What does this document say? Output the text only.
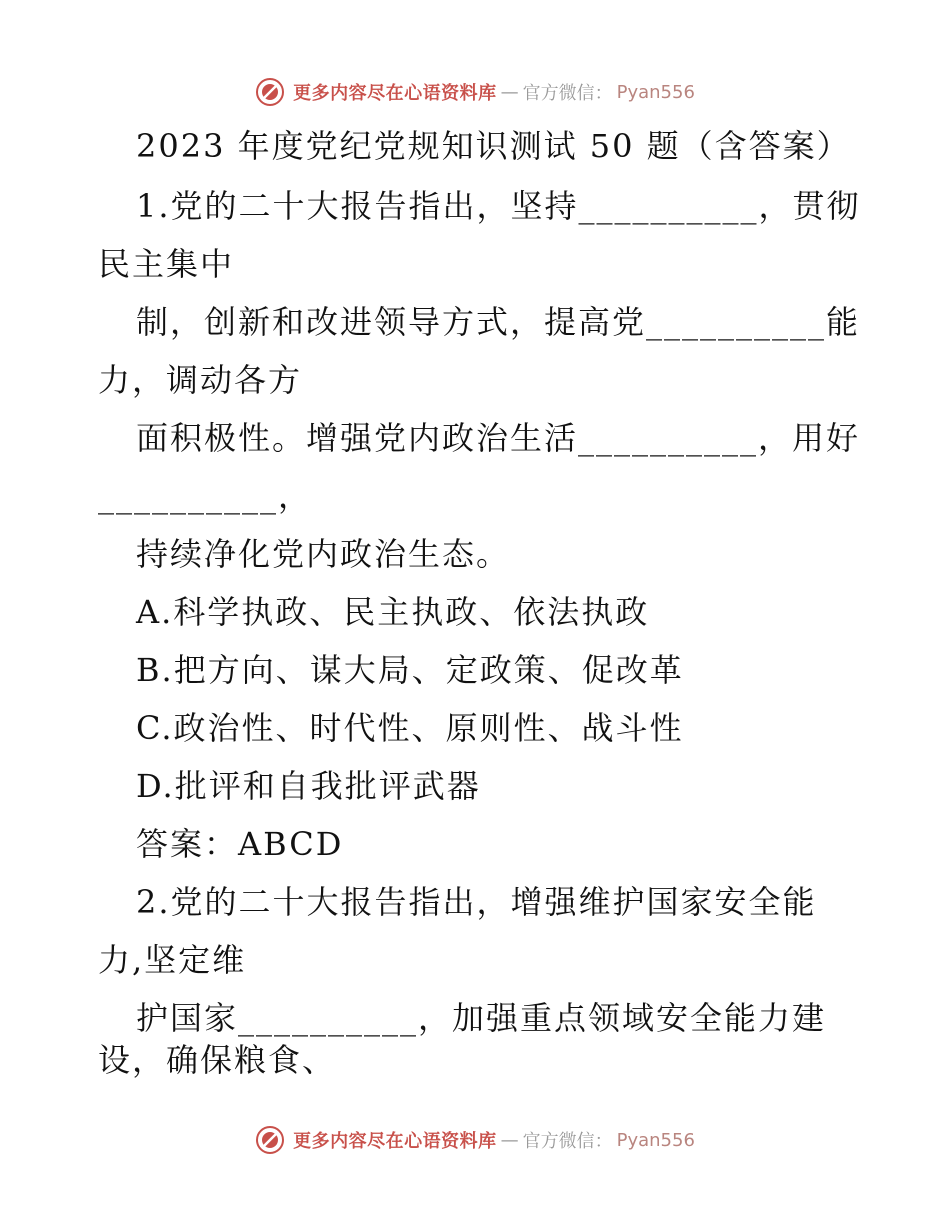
更多内容尽在心语资料库 — 官方微信： Pyan556
2023 年度党纪党规知识测试 50 题（含答案）
1.党的二十大报告指出，坚持__________，贯彻
民主集中
制，创新和改进领导方式，提高党__________能
力，调动各方
面积极性。增强党内政治生活__________，用好
__________，
持续净化党内政治生态。
A.科学执政、民主执政、依法执政
B.把方向、谋大局、定政策、促改革
C.政治性、时代性、原则性、战斗性
D.批评和自我批评武器
答案：ABCD
2.党的二十大报告指出，增强维护国家安全能
力,坚定维
护国家__________，加强重点领域安全能力建
设，确保粮食、
更多内容尽在心语资料库 — 官方微信： Pyan556
